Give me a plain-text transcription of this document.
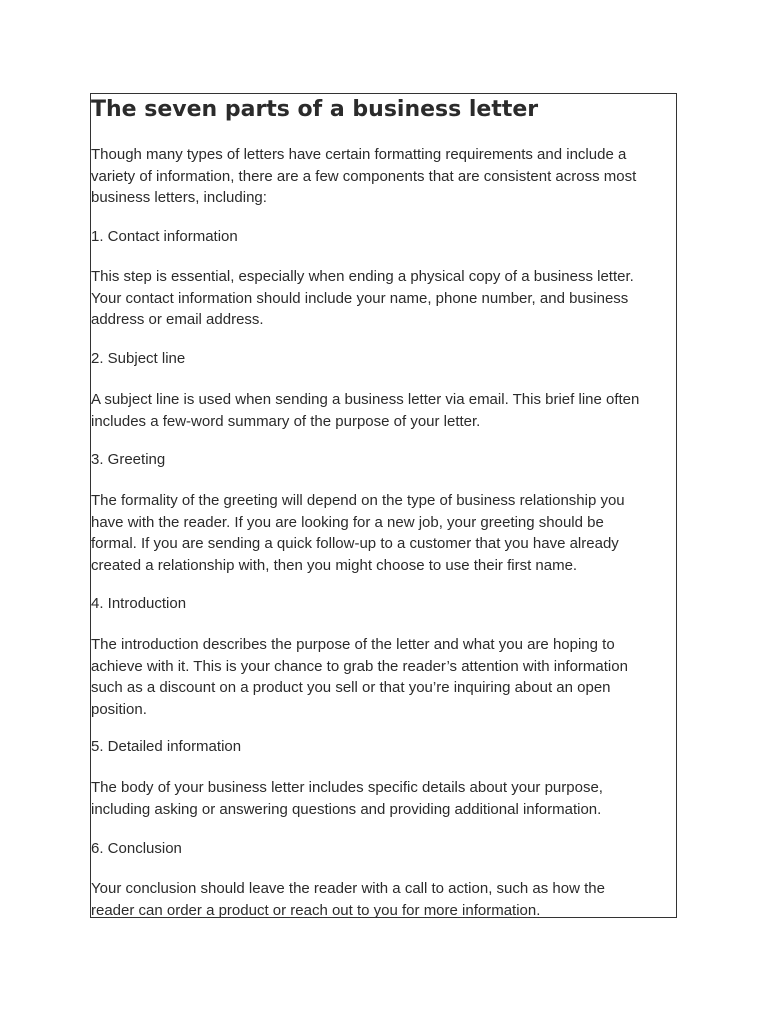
The seven parts of a business letter

Though many types of letters have certain formatting requirements and include a
variety of information, there are a few components that are consistent across most
business letters, including:

1. Contact information

This step is essential, especially when ending a physical copy of a business letter.
Your contact information should include your name, phone number, and business
address or email address.

2. Subject line

A subject line is used when sending a business letter via email. This brief line often
includes a few-word summary of the purpose of your letter.

3. Greeting

The formality of the greeting will depend on the type of business relationship you
have with the reader. If you are looking for a new job, your greeting should be
formal. If you are sending a quick follow-up to a customer that you have already
created a relationship with, then you might choose to use their first name.

4. Introduction

The introduction describes the purpose of the letter and what you are hoping to
achieve with it. This is your chance to grab the reader’s attention with information
such as a discount on a product you sell or that you’re inquiring about an open
position.

5. Detailed information

The body of your business letter includes specific details about your purpose,
including asking or answering questions and providing additional information.

6. Conclusion

Your conclusion should leave the reader with a call to action, such as how the
reader can order a product or reach out to you for more information.
